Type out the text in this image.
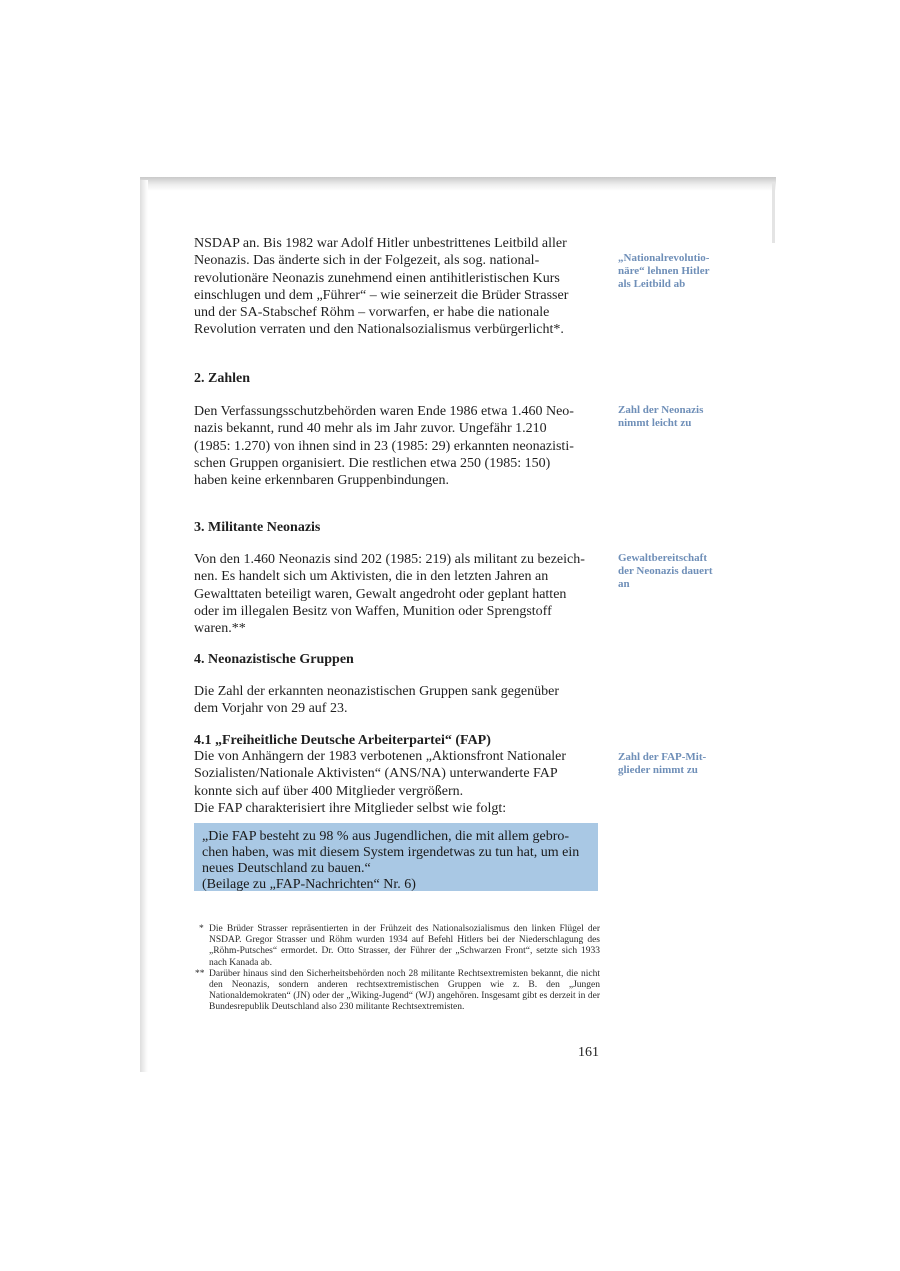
NSDAP an. Bis 1982 war Adolf Hitler unbestrittenes Leitbild aller
Neonazis. Das änderte sich in der Folgezeit, als sog. national-
revolutionäre Neonazis zunehmend einen antihitleristischen Kurs
einschlugen und dem „Führer“ – wie seinerzeit die Brüder Strasser
und der SA-Stabschef Röhm – vorwarfen, er habe die nationale
Revolution verraten und den Nationalsozialismus verbürgerlicht*.
„Nationalrevolutio-
näre“ lehnen Hitler
als Leitbild ab
2. Zahlen
Den Verfassungsschutzbehörden waren Ende 1986 etwa 1.460 Neo-
nazis bekannt, rund 40 mehr als im Jahr zuvor. Ungefähr 1.210
(1985: 1.270) von ihnen sind in 23 (1985: 29) erkannten neonazisti-
schen Gruppen organisiert. Die restlichen etwa 250 (1985: 150)
haben keine erkennbaren Gruppenbindungen.
Zahl der Neonazis
nimmt leicht zu
3. Militante Neonazis
Von den 1.460 Neonazis sind 202 (1985: 219) als militant zu bezeich-
nen. Es handelt sich um Aktivisten, die in den letzten Jahren an
Gewalttaten beteiligt waren, Gewalt angedroht oder geplant hatten
oder im illegalen Besitz von Waffen, Munition oder Sprengstoff
waren.**
Gewaltbereitschaft
der Neonazis dauert
an
4. Neonazistische Gruppen
Die Zahl der erkannten neonazistischen Gruppen sank gegenüber
dem Vorjahr von 29 auf 23.
4.1 „Freiheitliche Deutsche Arbeiterpartei“ (FAP)
Die von Anhängern der 1983 verbotenen „Aktionsfront Nationaler
Sozialisten/Nationale Aktivisten“ (ANS/NA) unterwanderte FAP
konnte sich auf über 400 Mitglieder vergrößern.
Die FAP charakterisiert ihre Mitglieder selbst wie folgt:
Zahl der FAP-Mit-
glieder nimmt zu
„Die FAP besteht zu 98 % aus Jugendlichen, die mit allem gebro-
chen haben, was mit diesem System irgendetwas zu tun hat, um ein
neues Deutschland zu bauen.“
(Beilage zu „FAP-Nachrichten“ Nr. 6)
* Die Brüder Strasser repräsentierten in der Frühzeit des Nationalsozialismus den linken Flügel der NSDAP. Gregor Strasser und Röhm wurden 1934 auf Befehl Hitlers bei der Niederschlagung des „Röhm-Putsches“ ermordet. Dr. Otto Strasser, der Führer der „Schwarzen Front“, setzte sich 1933 nach Kanada ab.
** Darüber hinaus sind den Sicherheitsbehörden noch 28 militante Rechtsextremisten bekannt, die nicht den Neonazis, sondern anderen rechtsextremistischen Gruppen wie z. B. den „Jungen Nationaldemokraten“ (JN) oder der „Wiking-Jugend“ (WJ) angehören. Insgesamt gibt es derzeit in der Bundesrepublik Deutschland also 230 militante Rechtsextremisten.
161
